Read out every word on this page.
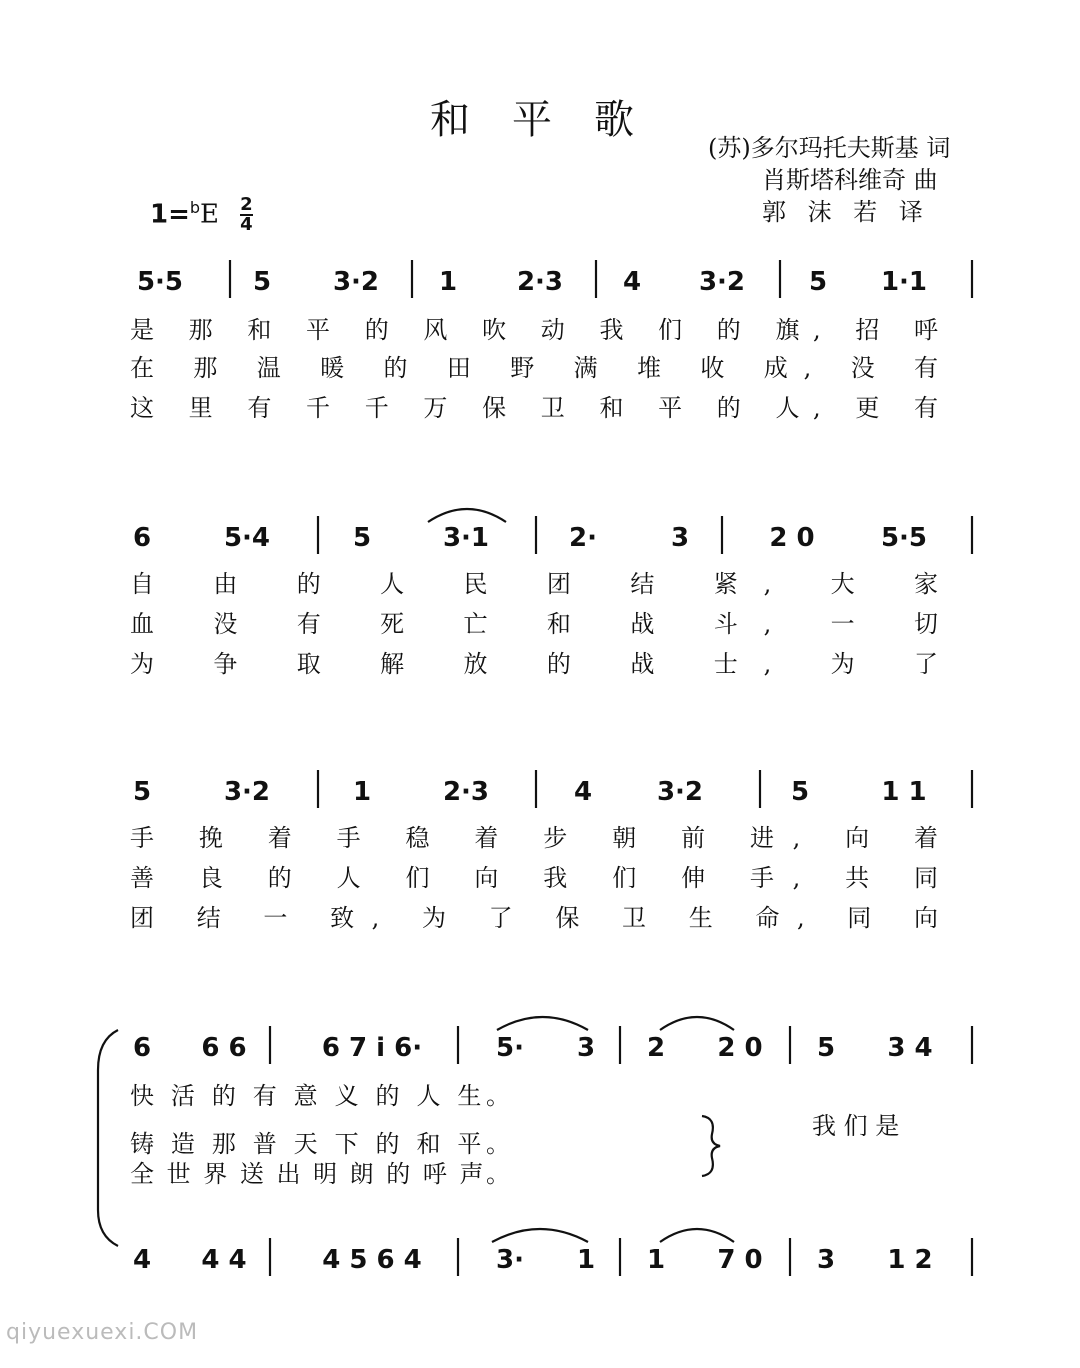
5·5	5 3·2 1 2·3 4 3·2 5 1·1
6	5·4	5	3·1	2·	3	2 0	5·5
5	3·2	1	2·3	4 3·2	5	1 1
6 6 6	6 7 i 6·	5· 3 2 2 0 5 3 4
4 4 4	4 5 6 4	3· 1 1 7 0 3 1 2
是 那 和 平 的 风 吹 动 我 们 的 旗, 招 呼
在 那 温 暖 的 田 野 满 堆 收 成, 没 有
这 里 有 千 千 万 保 卫 和 平 的 人, 更 有
自 由 的 人 民 团 结 紧, 大 家
血 没 有 死 亡 和 战 斗, 一 切
为 争 取 解 放 的 战 士, 为 了
手 挽 着 手 稳 着 步 朝 前 进, 向 着
善 良 的 人 们 向 我 们 伸 手, 共 同
团 结 一 致, 为 了 保 卫 生 命, 同 向
快 活 的 有 意 义 的 人 生。
铸 造 那 普 天 下 的 和 平。
全 世 界 送 出 明 朗 的 呼 声。
我 们 是
和平歌
(苏)多尔玛托夫斯基 词
肖斯塔科维奇 曲
郭 沫 若 译
$1=^bE \frac{2}{4}$
qiyuexuexi.COM
